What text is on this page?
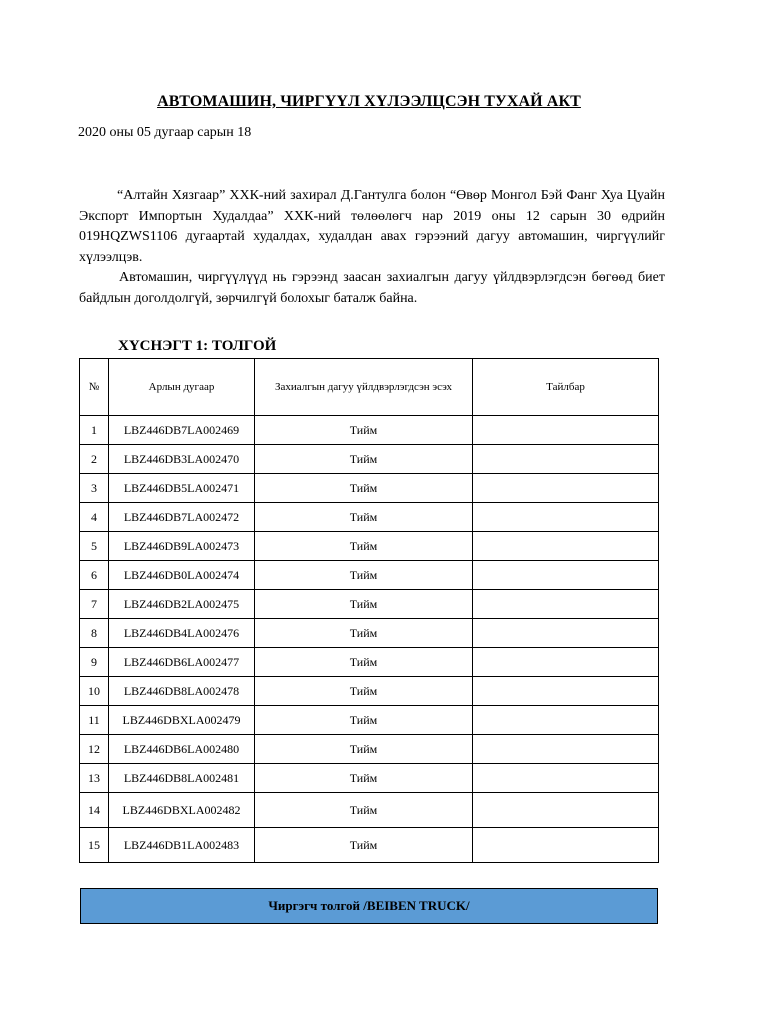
АВТОМАШИН, ЧИРГҮҮЛ ХҮЛЭЭЛЦСЭН ТУХАЙ АКТ
2020 оны 05 дугаар сарын 18

“Алтайн Хязгаар” ХХК-ний захирал Д.Гантулга болон “Өвөр Монгол Бэй Фанг Хуа Цуайн Экспорт Импортын Худалдаа” ХХК-ний төлөөлөгч нар 2019 оны 12 сарын 30 өдрийн 019HQZWS1106 дугаартай худалдах, худалдан авах гэрээний дагуу автомашин, чиргүүлийг хүлээлцэв.

Автомашин, чиргүүлүүд нь гэрээнд заасан захиалгын дагуу үйлдвэрлэгдсэн бөгөөд биет байдлын доголдолгүй, зөрчилгүй болохыг баталж байна.

ХҮСНЭГТ 1: ТОЛГОЙ
№	Арлын дугаар	Захиалгын дагуу үйлдвэрлэгдсэн эсэх	Тайлбар
1	LBZ446DB7LA002469	Тийм	
2	LBZ446DB3LA002470	Тийм	
3	LBZ446DB5LA002471	Тийм	
4	LBZ446DB7LA002472	Тийм	
5	LBZ446DB9LA002473	Тийм	
6	LBZ446DB0LA002474	Тийм	
7	LBZ446DB2LA002475	Тийм	
8	LBZ446DB4LA002476	Тийм	
9	LBZ446DB6LA002477	Тийм	
10	LBZ446DB8LA002478	Тийм	
11	LBZ446DBXLA002479	Тийм	
12	LBZ446DB6LA002480	Тийм	
13	LBZ446DB8LA002481	Тийм	
14	LBZ446DBXLA002482	Тийм	
15	LBZ446DB1LA002483	Тийм	
Чиргэгч толгой /BEIBEN TRUCK/
